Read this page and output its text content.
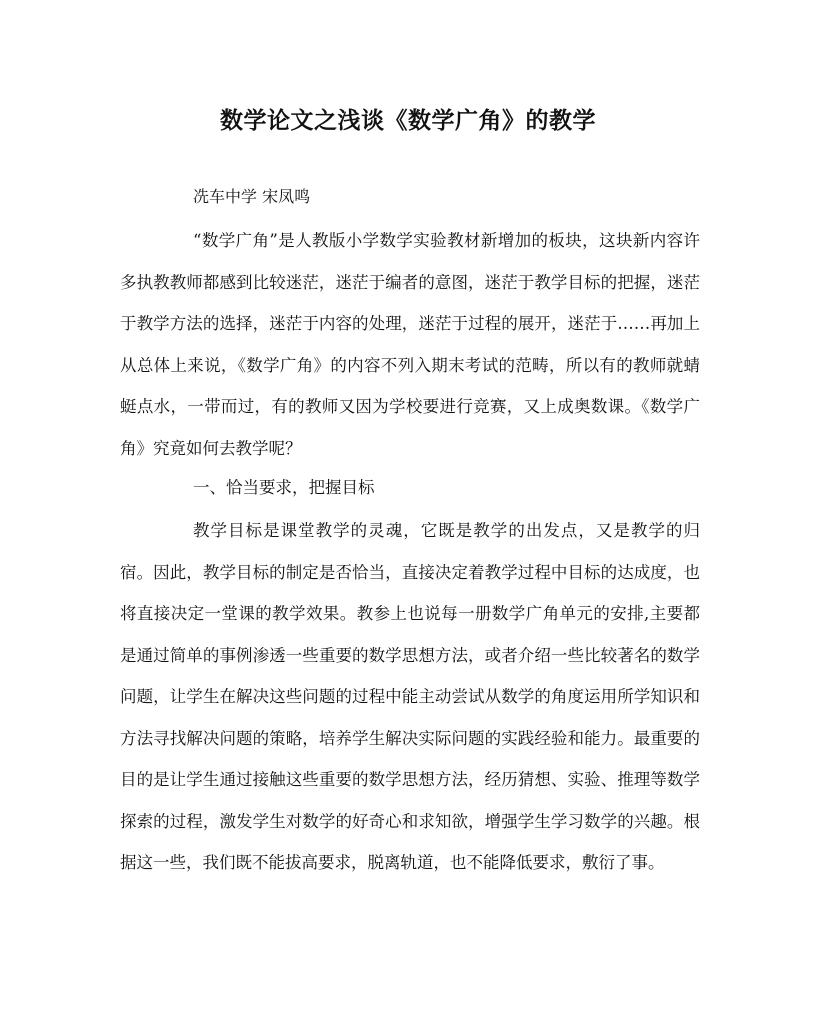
数学论文之浅谈《数学广角》的教学

冼车中学 宋凤鸣

“数学广角”是人教版小学数学实验教材新增加的板块，这块新内容许多执教教师都感到比较迷茫，迷茫于编者的意图，迷茫于教学目标的把握，迷茫于教学方法的选择，迷茫于内容的处理，迷茫于过程的展开，迷茫于……再加上从总体上来说，《数学广角》的内容不列入期末考试的范畴，所以有的教师就蜻蜓点水，一带而过，有的教师又因为学校要进行竞赛，又上成奥数课。《数学广角》究竟如何去教学呢？

一、恰当要求，把握目标

教学目标是课堂教学的灵魂，它既是教学的出发点，又是教学的归宿。因此，教学目标的制定是否恰当，直接决定着教学过程中目标的达成度，也将直接决定一堂课的教学效果。教参上也说每一册数学广角单元的安排,主要都是通过简单的事例渗透一些重要的数学思想方法，或者介绍一些比较著名的数学问题，让学生在解决这些问题的过程中能主动尝试从数学的角度运用所学知识和方法寻找解决问题的策略，培养学生解决实际问题的实践经验和能力。最重要的目的是让学生通过接触这些重要的数学思想方法，经历猜想、实验、推理等数学探索的过程，激发学生对数学的好奇心和求知欲，增强学生学习数学的兴趣。根据这一些，我们既不能拔高要求，脱离轨道，也不能降低要求，敷衍了事。
